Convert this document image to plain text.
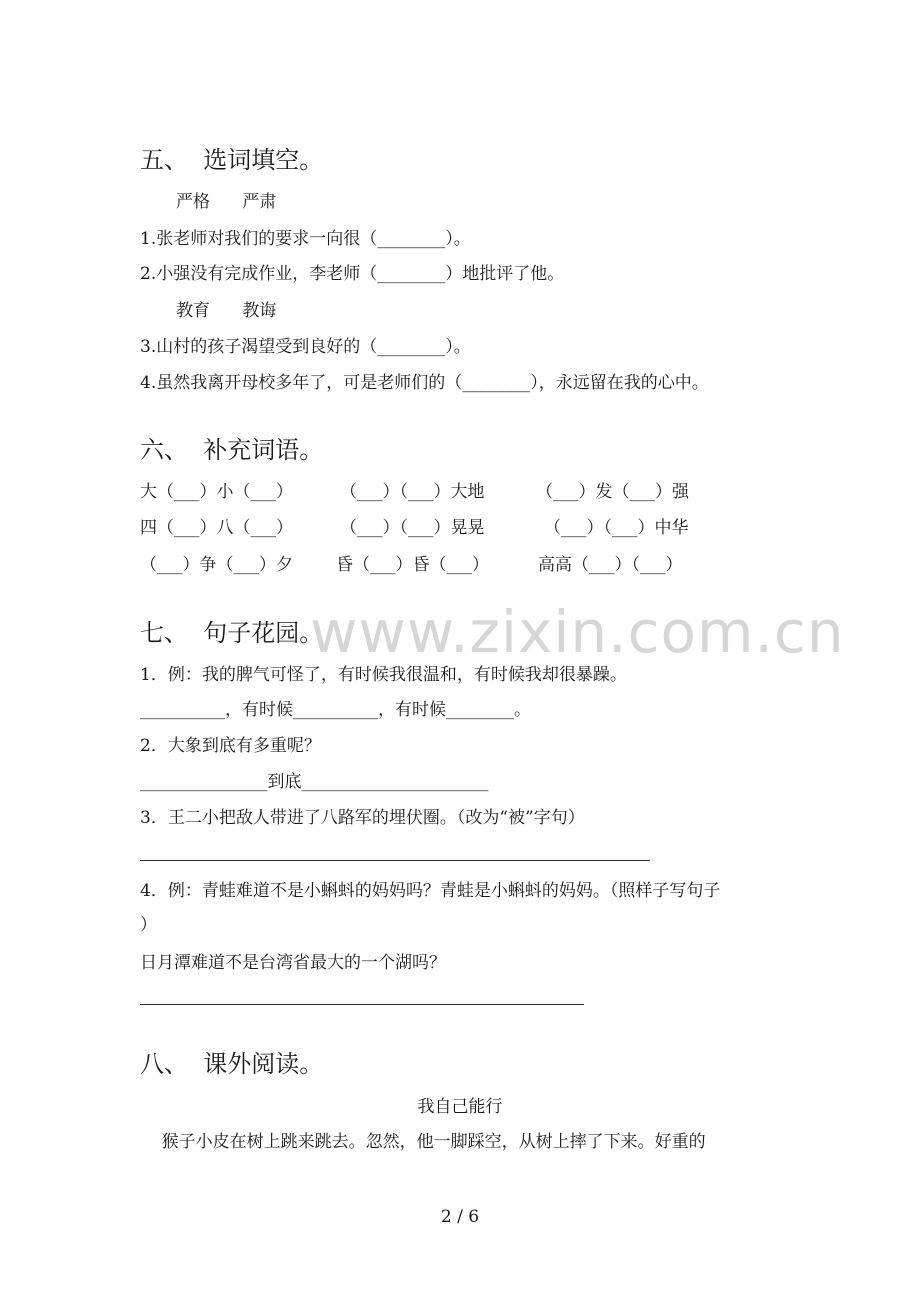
www.zixin.com.cn
五、  选词填空。
严格      严肃
1.张老师对我们的要求一向很（________）。
2.小强没有完成作业，李老师（________）地批评了他。
教育      教诲
3.山村的孩子渴望受到良好的（________）。
4.虽然我离开母校多年了，可是老师们的（________），永远留在我的心中。
六、  补充词语。
大（___）小（___）	（___）（___）大地	（___）发（___）强
四（___）八（___）	（___）（___）晃晃	（___）（___）中华
（___）争（___）夕	昏（___）昏（___）	高高（___）（___）
七、  句子花园。
1．例：我的脾气可怪了，有时候我很温和，有时候我却很暴躁。
__________，有时候__________，有时候________。
2．大象到底有多重呢？
_______________到底______________________
3．王二小把敌人带进了八路军的埋伏圈。（改为“被”字句）
4．例：青蛙难道不是小蝌蚪的妈妈吗？青蛙是小蝌蚪的妈妈。（照样子写句子
）
日月潭难道不是台湾省最大的一个湖吗？
八、  课外阅读。
我自己能行
猴子小皮在树上跳来跳去。忽然，他一脚踩空，从树上摔了下来。好重的
2 / 6
